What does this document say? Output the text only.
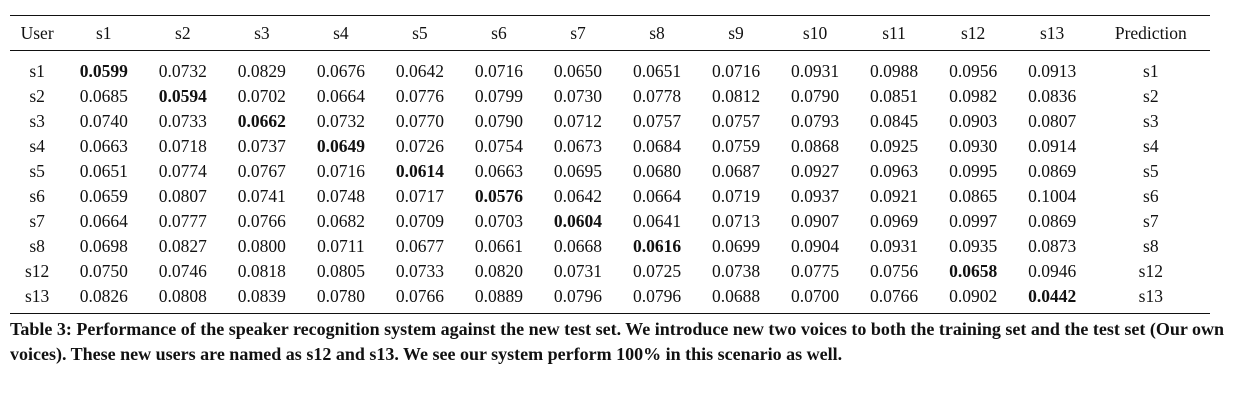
User	s1	s2	s3	s4	s5	s6	s7	s8	s9	s10	s11	s12	s13	Prediction
s1	0.0599	0.0732	0.0829	0.0676	0.0642	0.0716	0.0650	0.0651	0.0716	0.0931	0.0988	0.0956	0.0913	s1
s2	0.0685	0.0594	0.0702	0.0664	0.0776	0.0799	0.0730	0.0778	0.0812	0.0790	0.0851	0.0982	0.0836	s2
s3	0.0740	0.0733	0.0662	0.0732	0.0770	0.0790	0.0712	0.0757	0.0757	0.0793	0.0845	0.0903	0.0807	s3
s4	0.0663	0.0718	0.0737	0.0649	0.0726	0.0754	0.0673	0.0684	0.0759	0.0868	0.0925	0.0930	0.0914	s4
s5	0.0651	0.0774	0.0767	0.0716	0.0614	0.0663	0.0695	0.0680	0.0687	0.0927	0.0963	0.0995	0.0869	s5
s6	0.0659	0.0807	0.0741	0.0748	0.0717	0.0576	0.0642	0.0664	0.0719	0.0937	0.0921	0.0865	0.1004	s6
s7	0.0664	0.0777	0.0766	0.0682	0.0709	0.0703	0.0604	0.0641	0.0713	0.0907	0.0969	0.0997	0.0869	s7
s8	0.0698	0.0827	0.0800	0.0711	0.0677	0.0661	0.0668	0.0616	0.0699	0.0904	0.0931	0.0935	0.0873	s8
s12	0.0750	0.0746	0.0818	0.0805	0.0733	0.0820	0.0731	0.0725	0.0738	0.0775	0.0756	0.0658	0.0946	s12
s13	0.0826	0.0808	0.0839	0.0780	0.0766	0.0889	0.0796	0.0796	0.0688	0.0700	0.0766	0.0902	0.0442	s13
Table 3: Performance of the speaker recognition system against the new test set. We introduce new two voices to both the training set and the test set (Our own voices). These new users are named as s12 and s13. We see our system perform 100% in this scenario as well.
